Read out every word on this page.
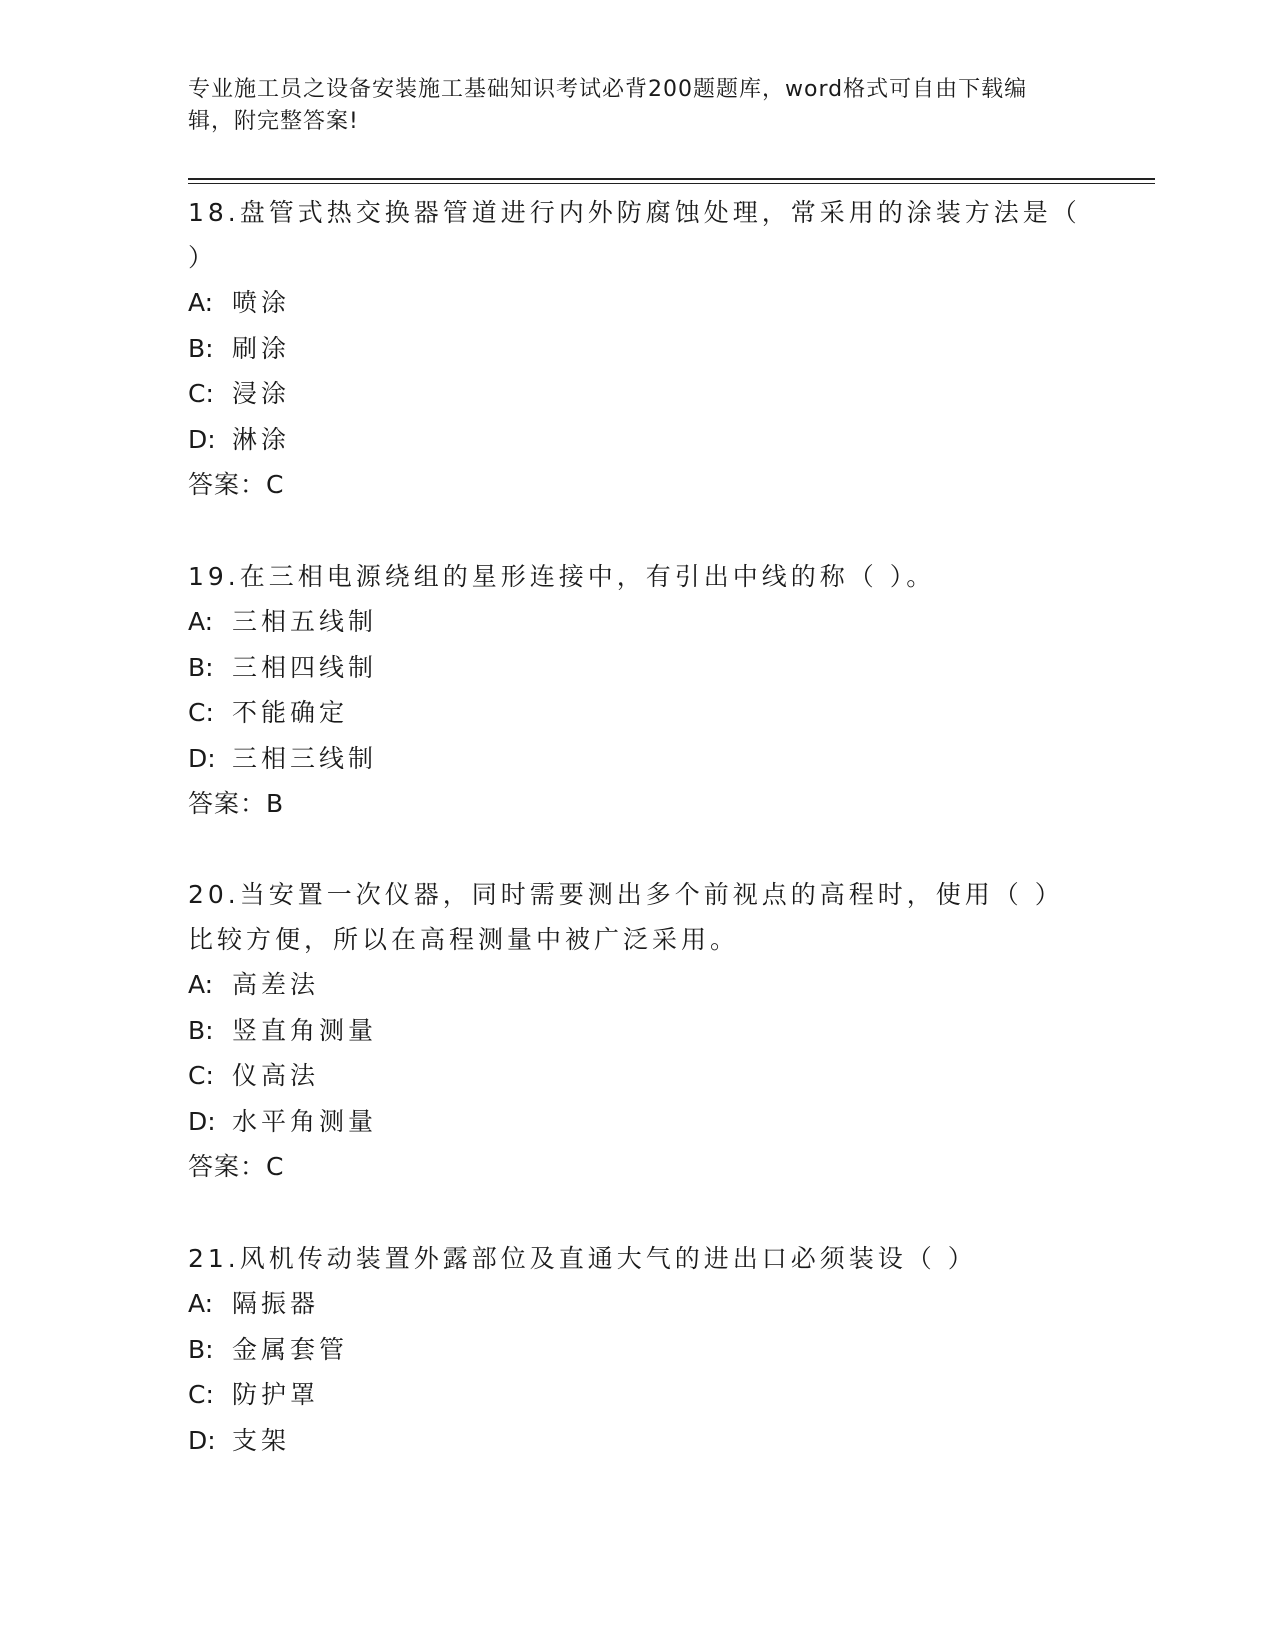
专业施工员之设备安装施工基础知识考试必背200题题库，word格式可自由下载编辑，附完整答案!

18.盘管式热交换器管道进行内外防腐蚀处理，常采用的涂装方法是（ ）

A: 喷涂

B: 刷涂

C: 浸涂

D: 淋涂

答案：C

19.在三相电源绕组的星形连接中，有引出中线的称（ ）。

A: 三相五线制

B: 三相四线制

C: 不能确定

D: 三相三线制

答案：B

20.当安置一次仪器，同时需要测出多个前视点的高程时，使用（ ）比较方便，所以在高程测量中被广泛采用。

A: 高差法

B: 竖直角测量

C: 仪高法

D: 水平角测量

答案：C

21.风机传动装置外露部位及直通大气的进出口必须装设（ ）

A: 隔振器

B: 金属套管

C: 防护罩

D: 支架
